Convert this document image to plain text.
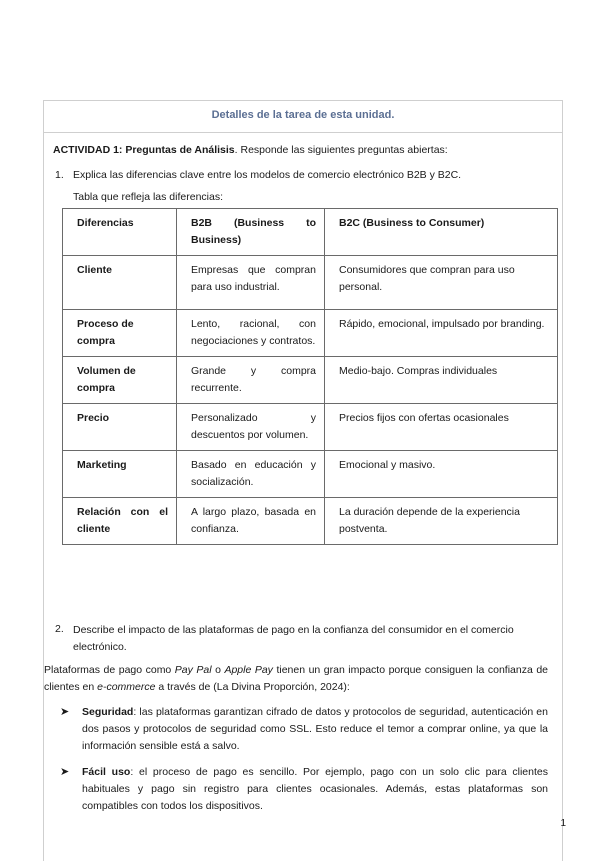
Detalles de la tarea de esta unidad.
ACTIVIDAD 1: Preguntas de Análisis. Responde las siguientes preguntas abiertas:
1. Explica las diferencias clave entre los modelos de comercio electrónico B2B y B2C.
Tabla que refleja las diferencias:
Diferencias	B2B (Business to Business)	B2C (Business to Consumer)
Cliente	Empresas que compran para uso industrial.	Consumidores que compran para uso personal.
Proceso de compra	Lento, racional, con negociaciones y contratos.	Rápido, emocional, impulsado por branding.
Volumen de compra	Grande y compra recurrente.	Medio-bajo. Compras individuales
Precio	Personalizado y descuentos por volumen.	Precios fijos con ofertas ocasionales
Marketing	Basado en educación y socialización.	Emocional y masivo.
Relación con el cliente	A largo plazo, basada en confianza.	La duración depende de la experiencia postventa.
2. Describe el impacto de las plataformas de pago en la confianza del consumidor en el comercio electrónico.
Plataformas de pago como Pay Pal o Apple Pay tienen un gran impacto porque consiguen la confianza de clientes en e-commerce a través de (La Divina Proporción, 2024):
➤ Seguridad: las plataformas garantizan cifrado de datos y protocolos de seguridad, autenticación en dos pasos y protocolos de seguridad como SSL. Esto reduce el temor a comprar online, ya que la información sensible está a salvo.
➤ Fácil uso: el proceso de pago es sencillo. Por ejemplo, pago con un solo clic para clientes habituales y pago sin registro para clientes ocasionales. Además, estas plataformas son compatibles con todos los dispositivos.
1
